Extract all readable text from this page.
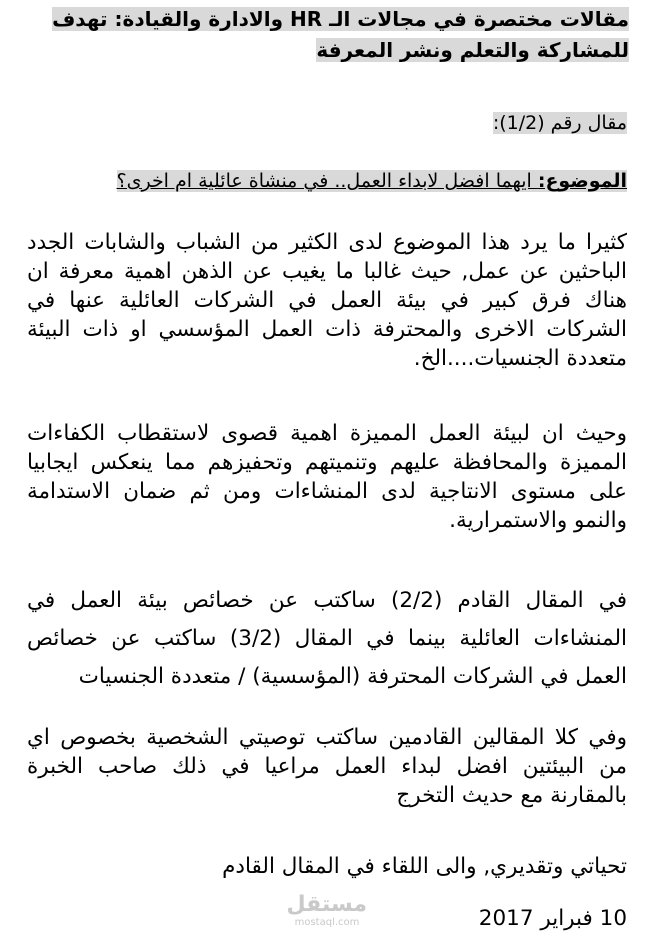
مقالات مختصرة في مجالات الـ HR والادارة والقيادة: تهدف للمشاركة والتعلم ونشر المعرفة
مقال رقم (1/2):
الموضوع: ايهما افضل لابداء العمل.. في منشاة عائلية ام اخرى؟

كثيرا ما يرد هذا الموضوع لدى الكثير من الشباب والشابات الجدد الباحثين عن عمل, حيث غالبا ما يغيب عن الذهن اهمية معرفة ان هناك فرق كبير في بيئة العمل في الشركات العائلية عنها في الشركات الاخرى والمحترفة ذات العمل المؤسسي او ذات البيئة متعددة الجنسيات....الخ.

وحيث ان لبيئة العمل المميزة اهمية قصوى لاستقطاب الكفاءات المميزة والمحافظة عليهم وتنميتهم وتحفيزهم مما ينعكس ايجابيا على مستوى الانتاجية لدى المنشاءات ومن ثم ضمان الاستدامة والنمو والاستمرارية.

في المقال القادم (2/2) ساكتب عن خصائص بيئة العمل في المنشاءات العائلية بينما في المقال (3/2) ساكتب عن خصائص العمل في الشركات المحترفة (المؤسسية) / متعددة الجنسيات

وفي كلا المقالين القادمين ساكتب توصيتي الشخصية بخصوص اي من البيئتين افضل لبداء العمل مراعيا في ذلك صاحب الخبرة بالمقارنة مع حديث التخرج

تحياتي وتقديري, والى اللقاء في المقال القادم
10 فبراير 2017
مستقل
mostaql.com
